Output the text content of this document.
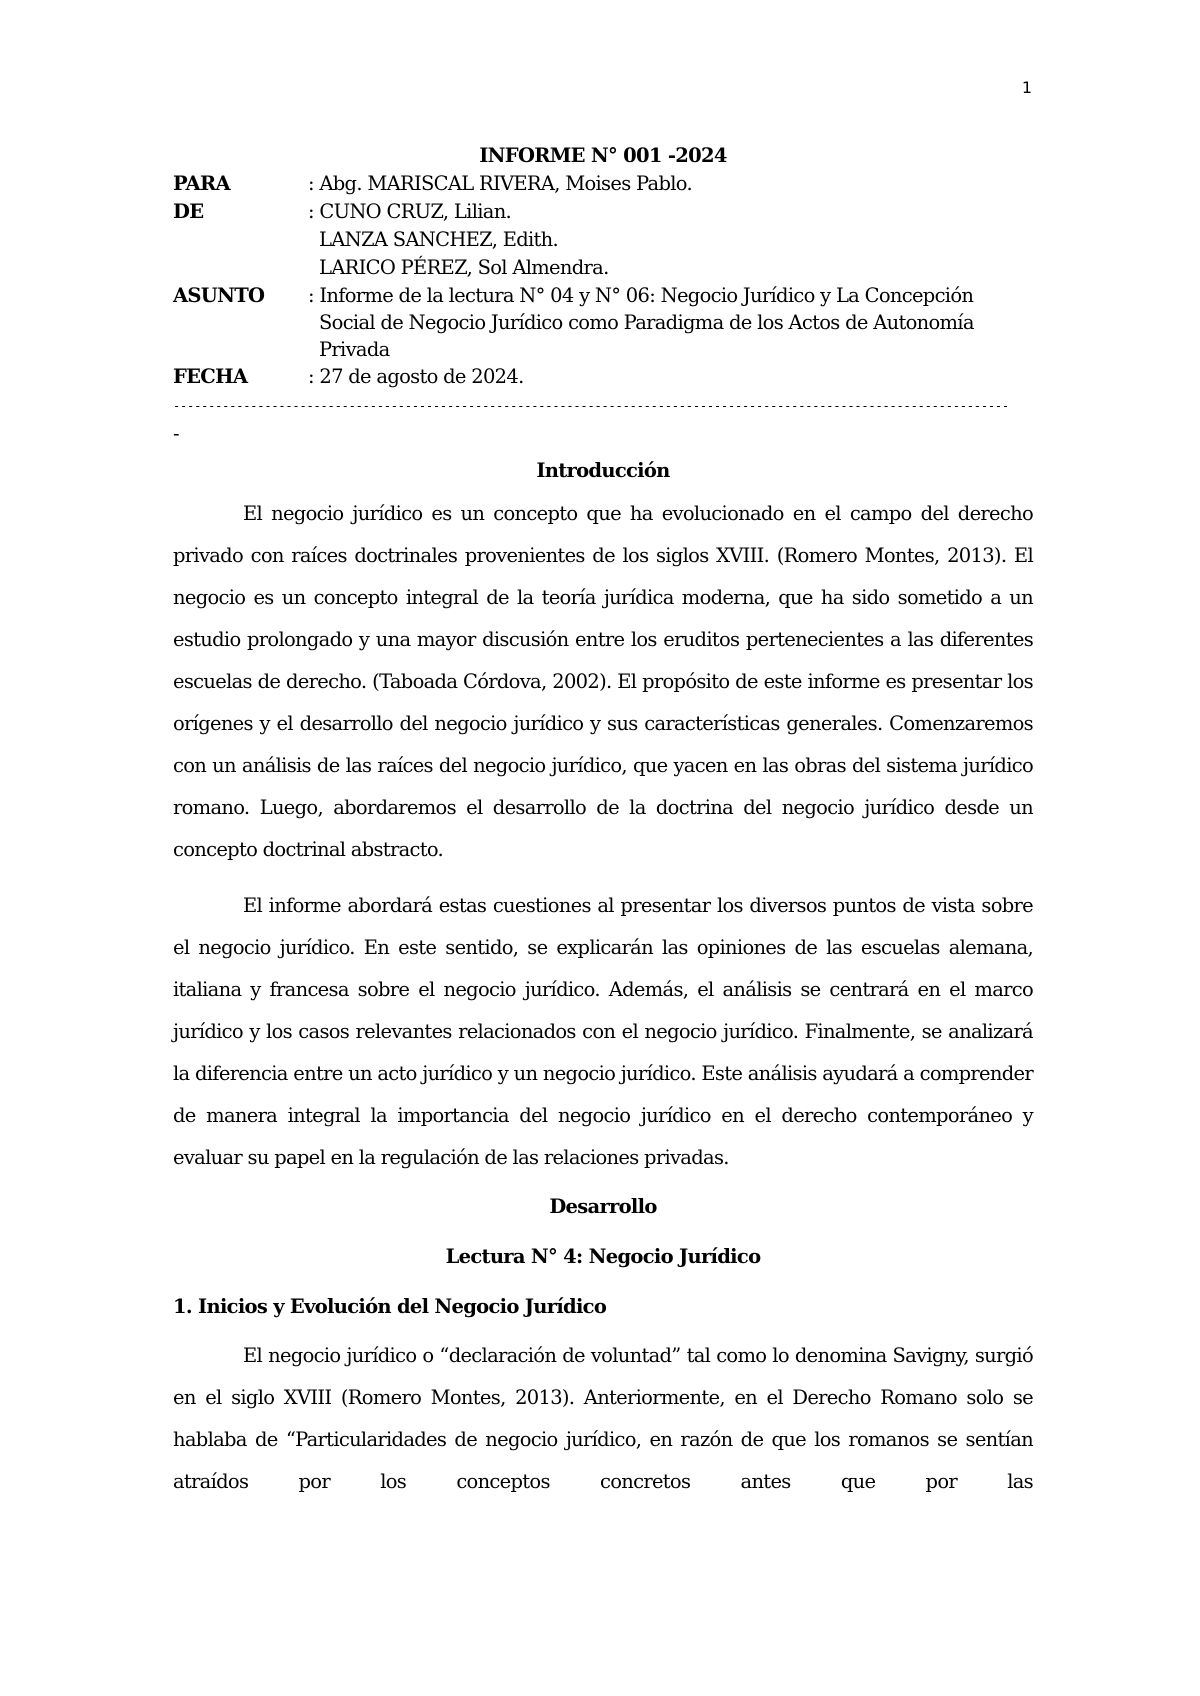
1
INFORME N° 001 -2024
PARA	: Abg. MARISCAL RIVERA, Moises Pablo.
DE	: CUNO CRUZ, Lilian.
LANZA SANCHEZ, Edith.
LARICO PÉREZ, Sol Almendra.
ASUNTO	: Informe de la lectura N° 04 y N° 06: Negocio Jurídico y La Concepción
Social de Negocio Jurídico como Paradigma de los Actos de Autonomía
Privada
FECHA	: 27 de agosto de 2024.
-----------------------------------------------------------------------------------------------------------------------
-
Introducción

El negocio jurídico es un concepto que ha evolucionado en el campo del derecho privado con raíces doctrinales provenientes de los siglos XVIII. (Romero Montes, 2013). El negocio es un concepto integral de la teoría jurídica moderna, que ha sido sometido a un estudio prolongado y una mayor discusión entre los eruditos pertenecientes a las diferentes escuelas de derecho. (Taboada Córdova, 2002). El propósito de este informe es presentar los orígenes y el desarrollo del negocio jurídico y sus características generales. Comenzaremos con un análisis de las raíces del negocio jurídico, que yacen en las obras del sistema jurídico romano. Luego, abordaremos el desarrollo de la doctrina del negocio jurídico desde un concepto doctrinal abstracto.

El informe abordará estas cuestiones al presentar los diversos puntos de vista sobre el negocio jurídico. En este sentido, se explicarán las opiniones de las escuelas alemana, italiana y francesa sobre el negocio jurídico. Además, el análisis se centrará en el marco jurídico y los casos relevantes relacionados con el negocio jurídico. Finalmente, se analizará la diferencia entre un acto jurídico y un negocio jurídico. Este análisis ayudará a comprender de manera integral la importancia del negocio jurídico en el derecho contemporáneo y evaluar su papel en la regulación de las relaciones privadas.

Desarrollo
Lectura N° 4: Negocio Jurídico
1. Inicios y Evolución del Negocio Jurídico

El negocio jurídico o “declaración de voluntad” tal como lo denomina Savigny, surgió en el siglo XVIII (Romero Montes, 2013). Anteriormente, en el Derecho Romano solo se hablaba de “Particularidades de negocio jurídico, en razón de que los romanos se sentían atraídos por los conceptos concretos antes que por las
